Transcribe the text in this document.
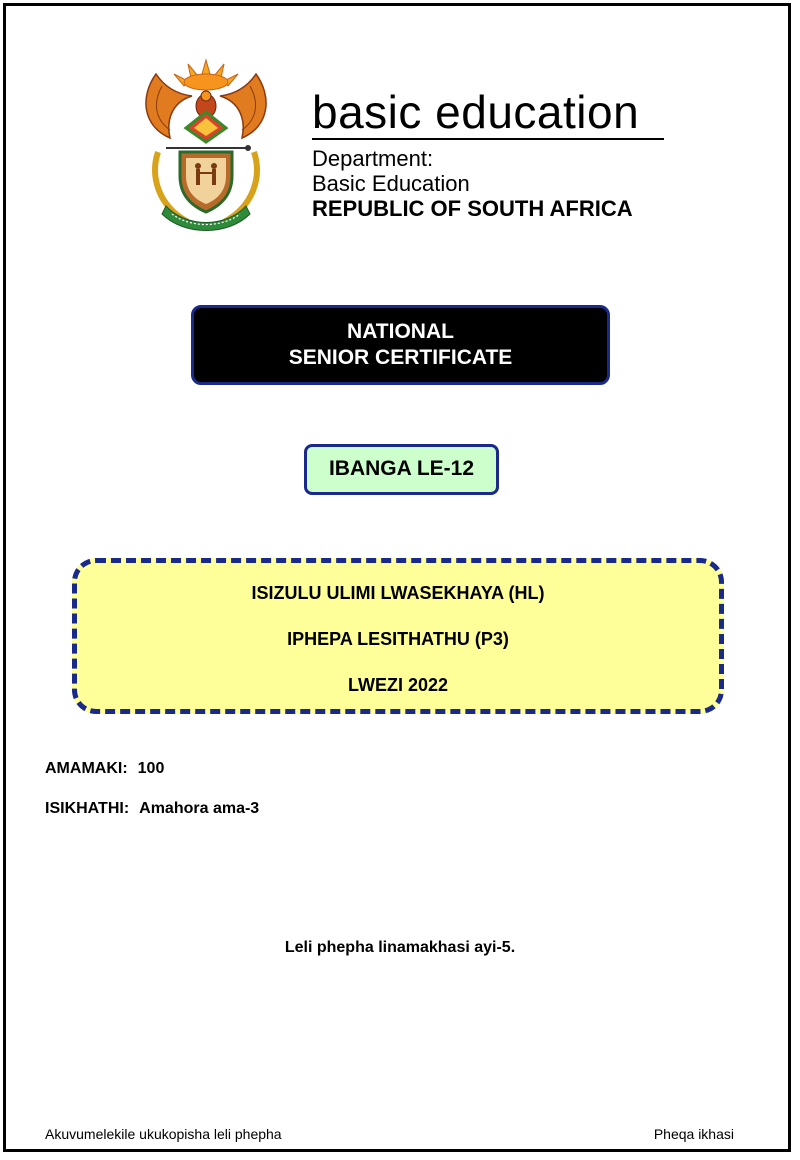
basic education
Department:
Basic Education
REPUBLIC OF SOUTH AFRICA
NATIONAL
SENIOR CERTIFICATE
IBANGA LE-12
ISIZULU ULIMI LWASEKHAYA (HL)
IPHEPA LESITHATHU (P3)
LWEZI 2022
AMAMAKI: 100
ISIKHATHI: Amahora ama-3
Leli phepha linamakhasi ayi-5.
Akuvumelekile ukukopisha leli phepha	Pheqa ikhasi
